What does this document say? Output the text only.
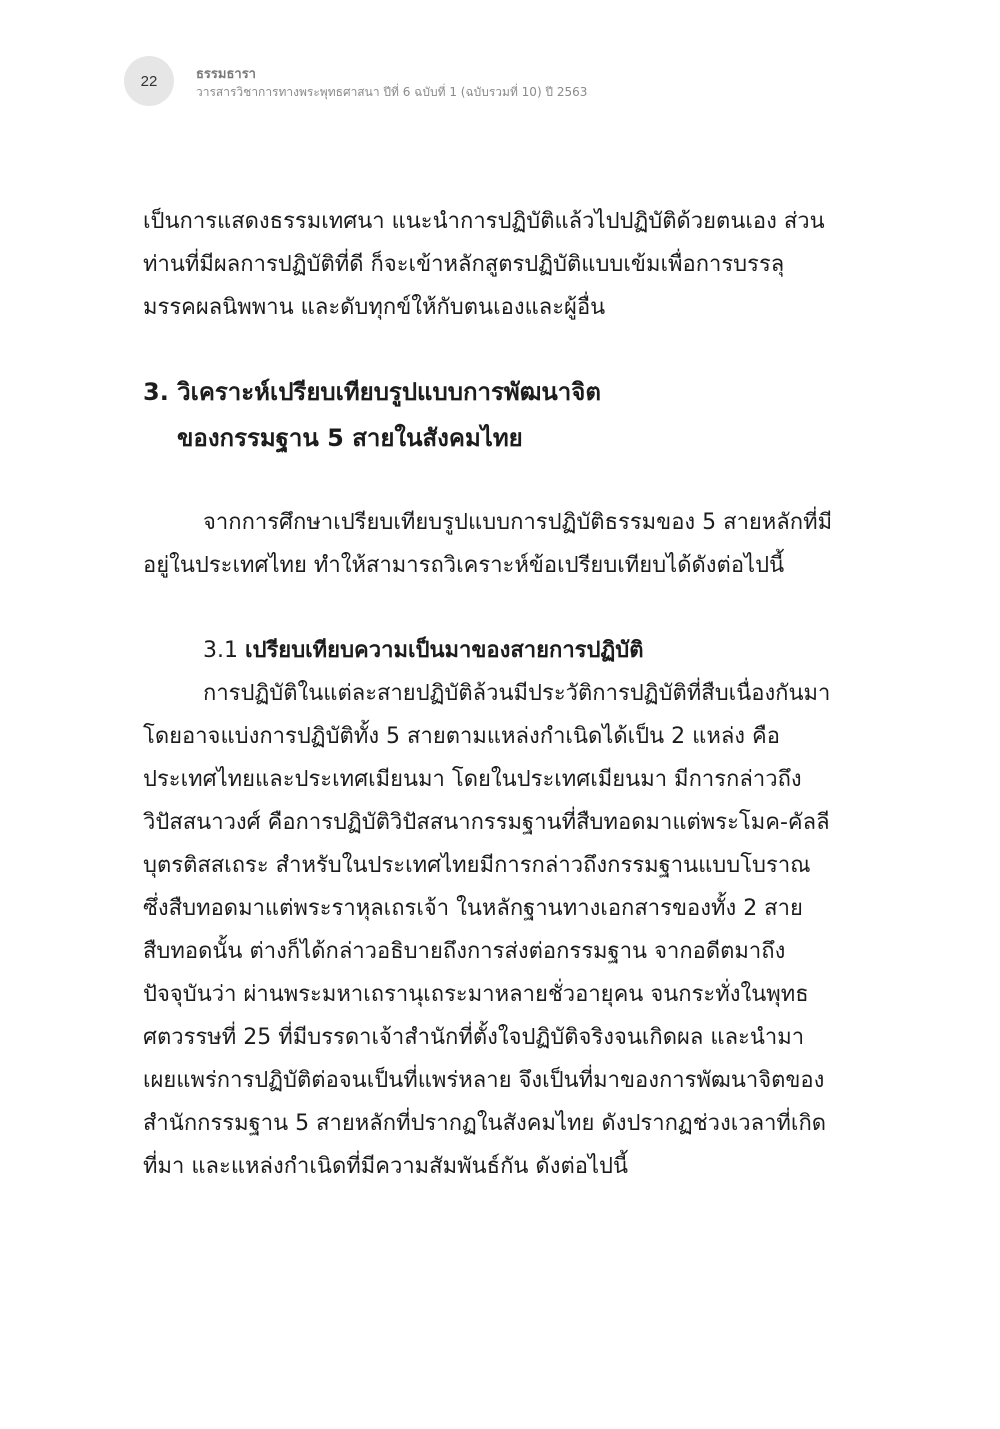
22	ธรรมธารา
วารสารวิชาการทางพระพุทธศาสนา ปีที่ 6 ฉบับที่ 1 (ฉบับรวมที่ 10) ปี 2563

เป็นการแสดงธรรมเทศนา แนะนำการปฏิบัติแล้วไปปฏิบัติด้วยตนเอง ส่วนท่านที่มีผลการปฏิบัติที่ดี ก็จะเข้าหลักสูตรปฏิบัติแบบเข้มเพื่อการบรรลุมรรคผลนิพพาน และดับทุกข์ให้กับตนเองและผู้อื่น

3. วิเคราะห์เปรียบเทียบรูปแบบการพัฒนาจิต
ของกรรมฐาน 5 สายในสังคมไทย

จากการศึกษาเปรียบเทียบรูปแบบการปฏิบัติธรรมของ 5 สายหลักที่มีอยู่ในประเทศไทย ทำให้สามารถวิเคราะห์ข้อเปรียบเทียบได้ดังต่อไปนี้

3.1 เปรียบเทียบความเป็นมาของสายการปฏิบัติ

การปฏิบัติในแต่ละสายปฏิบัติล้วนมีประวัติการปฏิบัติที่สืบเนื่องกันมา โดยอาจแบ่งการปฏิบัติทั้ง 5 สายตามแหล่งกำเนิดได้เป็น 2 แหล่ง คือ ประเทศไทยและประเทศเมียนมา โดยในประเทศเมียนมา มีการกล่าวถึงวิปัสสนาวงศ์ คือการปฏิบัติวิปัสสนากรรมฐานที่สืบทอดมาแต่พระโมค-คัลลีบุตรติสสเถระ สำหรับในประเทศไทยมีการกล่าวถึงกรรมฐานแบบโบราณซึ่งสืบทอดมาแต่พระราหุลเถรเจ้า ในหลักฐานทางเอกสารของทั้ง 2 สายสืบทอดนั้น ต่างก็ได้กล่าวอธิบายถึงการส่งต่อกรรมฐาน จากอดีตมาถึงปัจจุบันว่า ผ่านพระมหาเถรานุเถระมาหลายชั่วอายุคน จนกระทั่งในพุทธศตวรรษที่ 25 ที่มีบรรดาเจ้าสำนักที่ตั้งใจปฏิบัติจริงจนเกิดผล และนำมาเผยแพร่การปฏิบัติต่อจนเป็นที่แพร่หลาย จึงเป็นที่มาของการพัฒนาจิตของสำนักกรรมฐาน 5 สายหลักที่ปรากฏในสังคมไทย ดังปรากฏช่วงเวลาที่เกิด ที่มา และแหล่งกำเนิดที่มีความสัมพันธ์กัน ดังต่อไปนี้
